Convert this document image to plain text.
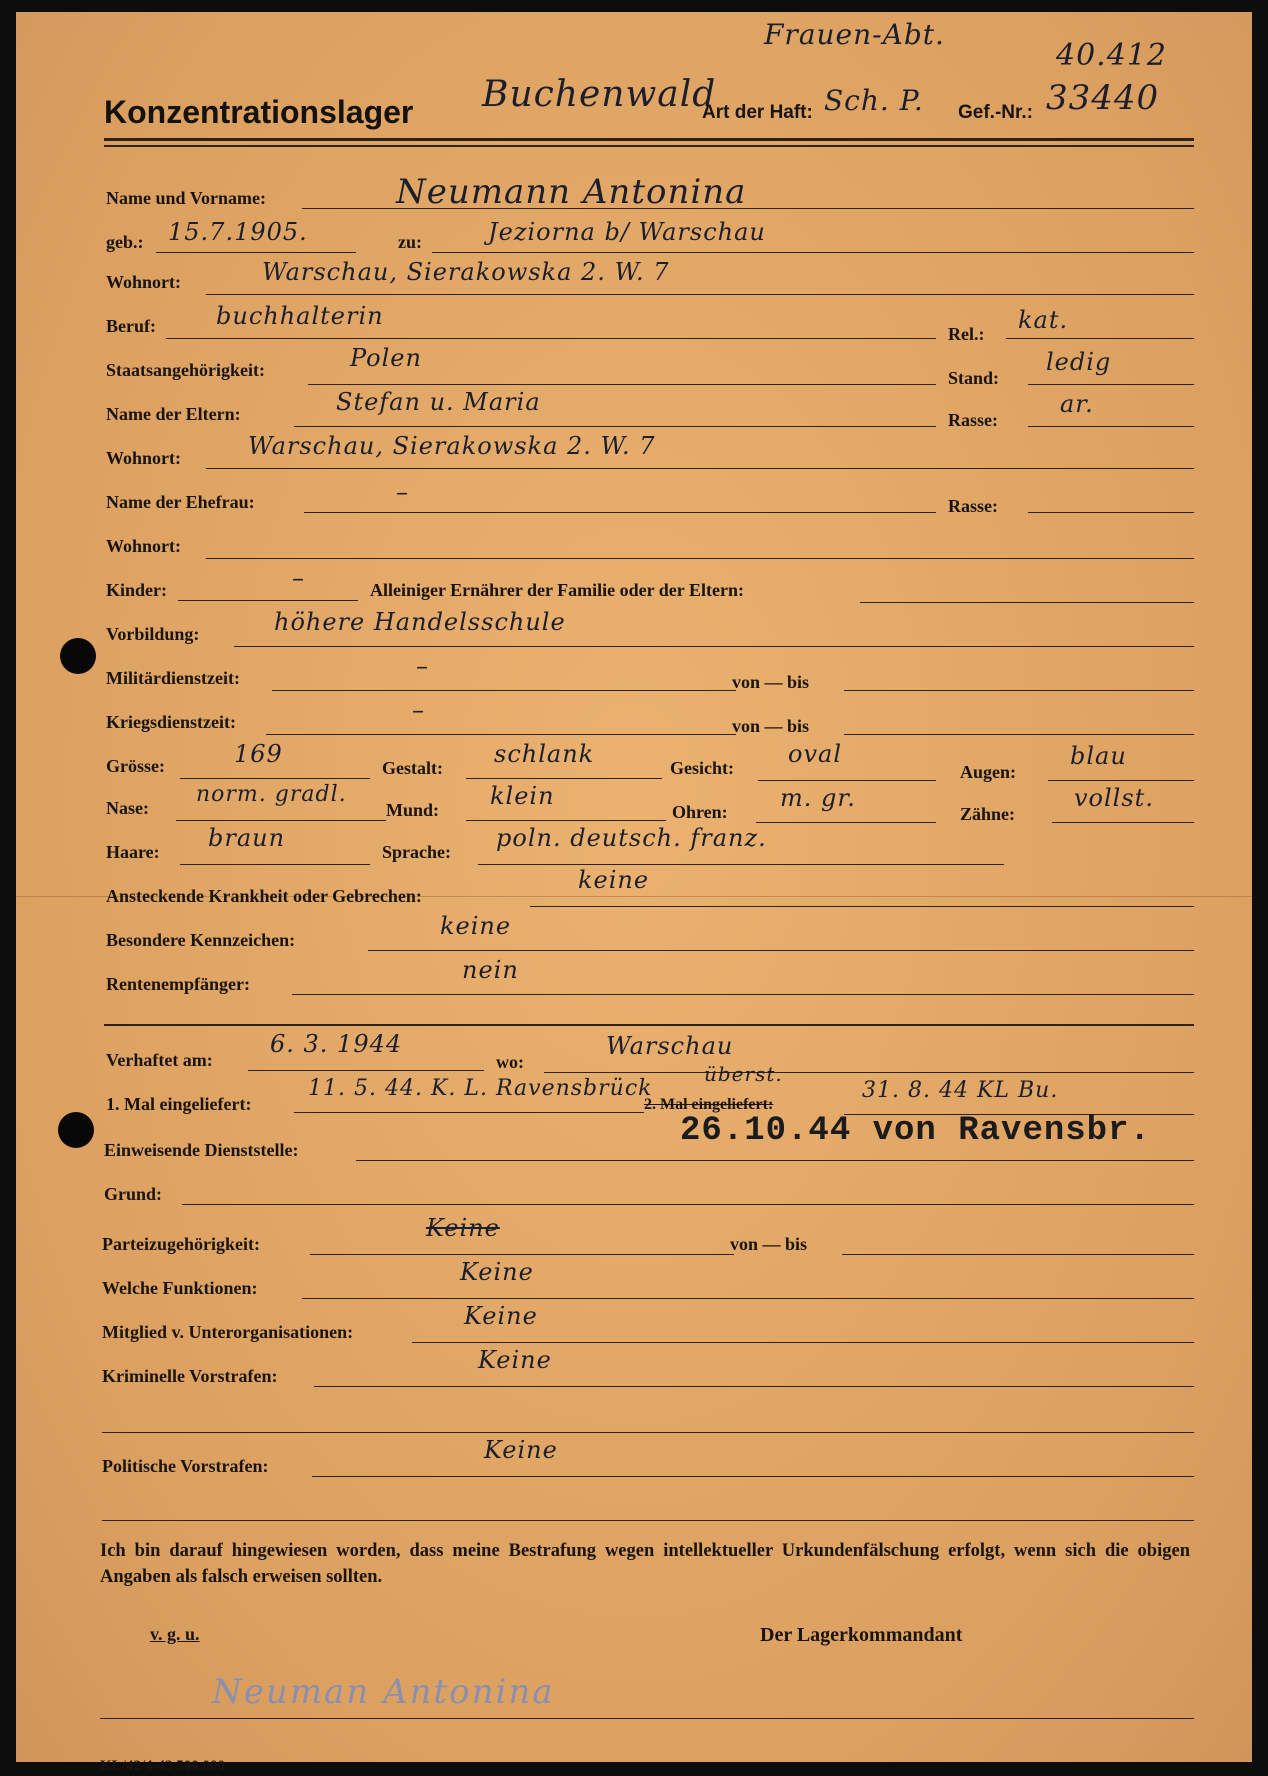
Frauen-Abt.
40.412
Konzentrationslager Buchenwald
Art der Haft: Sch. P. Gef.-Nr.: 33440
Name und Vorname:	Neumann Antonina
geb.: 15.7.1905.	zu:	Jeziorna b/ Warschau
Wohnort:	Warschau, Sierakowska 2. W. 7
Beruf:	buchhalterin
Rel.: kat.
Staatsangehörigkeit:	Polen
Stand:
ledig
Name der Eltern:	Stefan u. Maria
Rasse:
ar.
Wohnort:	Warschau, Sierakowska 2. W. 7
Name der Ehefrau:	–	Rasse:
Wohnort:
Kinder:	–	Alleiniger Ernährer der Familie oder der Eltern:
Vorbildung:	höhere Handelsschule
Militärdienstzeit:	–
von — bis
Kriegsdienstzeit:	–
von — bis
Grösse:	169	Gestalt: schlank	Gesicht: oval
Augen:
blau
Nase:
norm. gradl.
Mund: klein
Ohren: m. gr.
Zähne:
vollst.
Haare: braun	Sprache: poln. deutsch. franz.
Ansteckende Krankheit oder Gebrechen:
keine
Besondere Kennzeichen:	keine
Rentenempfänger:	nein
Verhaftet am:
6. 3. 1944
wo:
Warschau
1. Mal eingeliefert:
11. 5. 44. K. L. Ravensbrück
2. Mal eingeliefert:
überst.
31. 8. 44 KL Bu.
26.10.44 von Ravensbr.
Einweisende Dienststelle:
Grund:
Parteizugehörigkeit:
Keine
von — bis
Welche Funktionen:
Keine
Mitglied v. Unterorganisationen:
Keine
Kriminelle Vorstrafen:
Keine
Politische Vorstrafen:
Keine
Ich bin darauf hingewiesen worden, dass meine Bestrafung wegen intellektueller Urkundenfälschung erfolgt, wenn sich die obigen Angaben als falsch erweisen sollten.
v. g. u.	Der Lagerkommandant
Neuman Antonina
KL/42/4-43 500.000
